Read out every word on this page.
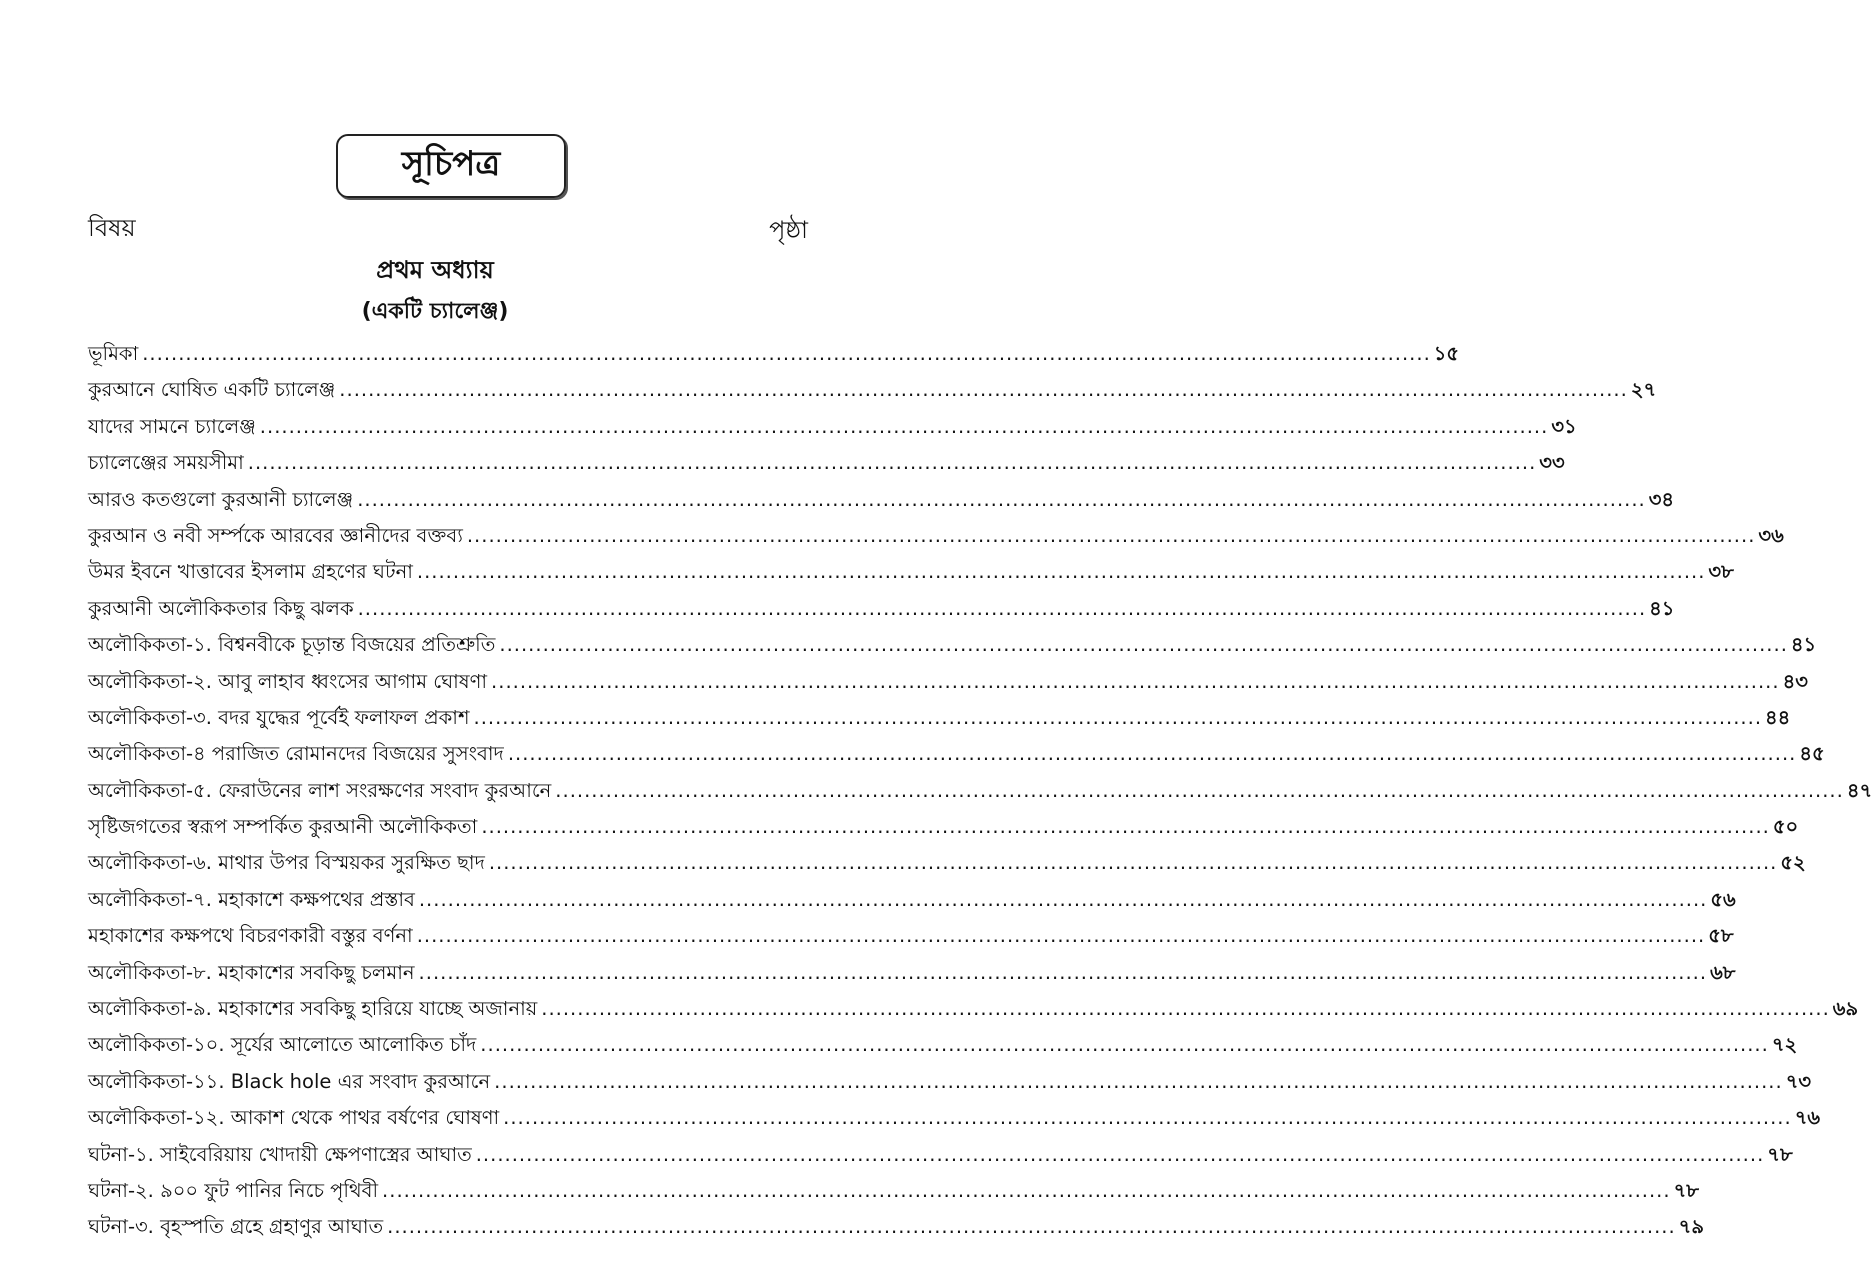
সূচিপত্র
বিষয়	পৃষ্ঠা
প্রথম অধ্যায়
(একটি চ্যালেঞ্জ)
ভূমিকা .....	১৫
কুরআনে ঘোষিত একটি চ্যালেঞ্জ .....	২৭
যাদের সামনে চ্যালেঞ্জ .....	৩১
চ্যালেঞ্জের সময়সীমা .....	৩৩
আরও কতগুলো কুরআনী চ্যালেঞ্জ .....	৩৪
কুরআন ও নবী সর্ম্পকে আরবের জ্ঞানীদের বক্তব্য .....	৩৬
উমর ইবনে খাত্তাবের ইসলাম গ্রহণের ঘটনা .....	৩৮
কুরআনী অলৌকিকতার কিছু ঝলক .....	৪১
অলৌকিকতা-১. বিশ্বনবীকে চূড়ান্ত বিজয়ের প্রতিশ্রুতি .....	৪১
অলৌকিকতা-২. আবু লাহাব ধ্বংসের আগাম ঘোষণা .....	৪৩
অলৌকিকতা-৩. বদর যুদ্ধের পূর্বেই ফলাফল প্রকাশ .....	৪৪
অলৌকিকতা-৪ পরাজিত রোমানদের বিজয়ের সুসংবাদ .....	৪৫
অলৌকিকতা-৫. ফেরাউনের লাশ সংরক্ষণের সংবাদ কুরআনে .....	৪৭
সৃষ্টিজগতের স্বরূপ সম্পর্কিত কুরআনী অলৌকিকতা .....	৫০
অলৌকিকতা-৬. মাথার উপর বিস্ময়কর সুরক্ষিত ছাদ .....	৫২
অলৌকিকতা-৭. মহাকাশে কক্ষপথের প্রস্তাব .....	৫৬
মহাকাশের কক্ষপথে বিচরণকারী বস্তুর বর্ণনা .....	৫৮
অলৌকিকতা-৮. মহাকাশের সবকিছু চলমান .....	৬৮
অলৌকিকতা-৯. মহাকাশের সবকিছু হারিয়ে যাচ্ছে অজানায় .....	৬৯
অলৌকিকতা-১০. সূর্যের আলোতে আলোকিত চাঁদ .....	৭২
অলৌকিকতা-১১. Black hole এর সংবাদ কুরআনে .....	৭৩
অলৌকিকতা-১২. আকাশ থেকে পাথর বর্ষণের ঘোষণা .....	৭৬
ঘটনা-১. সাইবেরিয়ায় খোদায়ী ক্ষেপণাস্ত্রের আঘাত .....	৭৮
ঘটনা-২. ৯০০ ফুট পানির নিচে পৃথিবী .....	৭৮
ঘটনা-৩. বৃহস্পতি গ্রহে গ্রহাণুর আঘাত .....	৭৯
